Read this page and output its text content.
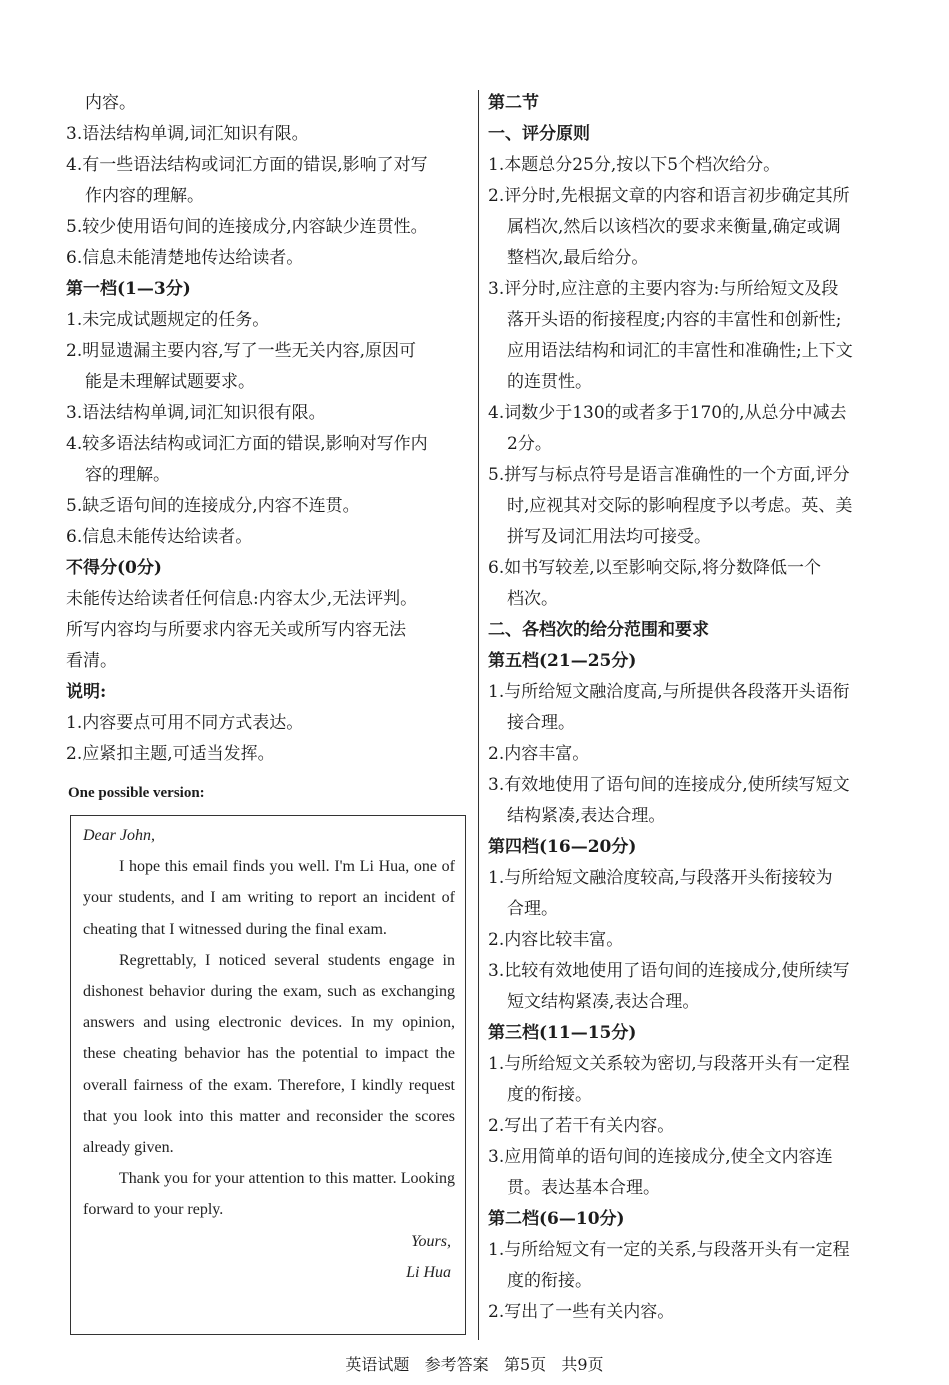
内容。
3.语法结构单调,词汇知识有限。
4.有一些语法结构或词汇方面的错误,影响了对写
作内容的理解。
5.较少使用语句间的连接成分,内容缺少连贯性。
6.信息未能清楚地传达给读者。
第一档(1—3分)
1.未完成试题规定的任务。
2.明显遗漏主要内容,写了一些无关内容,原因可
能是未理解试题要求。
3.语法结构单调,词汇知识很有限。
4.较多语法结构或词汇方面的错误,影响对写作内
容的理解。
5.缺乏语句间的连接成分,内容不连贯。
6.信息未能传达给读者。
不得分(0分)
未能传达给读者任何信息:内容太少,无法评判。
所写内容均与所要求内容无关或所写内容无法
看清。
说明:
1.内容要点可用不同方式表达。
2.应紧扣主题,可适当发挥。
第二节
一、评分原则
1.本题总分25分,按以下5个档次给分。
2.评分时,先根据文章的内容和语言初步确定其所
属档次,然后以该档次的要求来衡量,确定或调
整档次,最后给分。
3.评分时,应注意的主要内容为:与所给短文及段
落开头语的衔接程度;内容的丰富性和创新性;
应用语法结构和词汇的丰富性和准确性;上下文
的连贯性。
4.词数少于130的或者多于170的,从总分中减去
2分。
5.拼写与标点符号是语言准确性的一个方面,评分
时,应视其对交际的影响程度予以考虑。英、美
拼写及词汇用法均可接受。
6.如书写较差,以至影响交际,将分数降低一个
档次。
二、各档次的给分范围和要求
第五档(21—25分)
1.与所给短文融洽度高,与所提供各段落开头语衔
接合理。
2.内容丰富。
3.有效地使用了语句间的连接成分,使所续写短文
结构紧凑,表达合理。
第四档(16—20分)
1.与所给短文融洽度较高,与段落开头衔接较为
合理。
2.内容比较丰富。
3.比较有效地使用了语句间的连接成分,使所续写
短文结构紧凑,表达合理。
第三档(11—15分)
1.与所给短文关系较为密切,与段落开头有一定程
度的衔接。
2.写出了若干有关内容。
3.应用简单的语句间的连接成分,使全文内容连
贯。表达基本合理。
第二档(6—10分)
1.与所给短文有一定的关系,与段落开头有一定程
度的衔接。
2.写出了一些有关内容。
One possible version:

Dear John,

I hope this email finds you well. I'm Li Hua, one of your students, and I am writing to report an incident of cheating that I witnessed during the final exam.

Regrettably, I noticed several students engage in dishonest behavior during the exam, such as exchanging answers and using electronic devices. In my opinion, these cheating behavior has the potential to impact the overall fairness of the exam. Therefore, I kindly request that you look into this matter and reconsider the scores already given.

Thank you for your attention to this matter. Looking forward to your reply.

Yours,

Li Hua

英语试题   参考答案   第5页   共9页
